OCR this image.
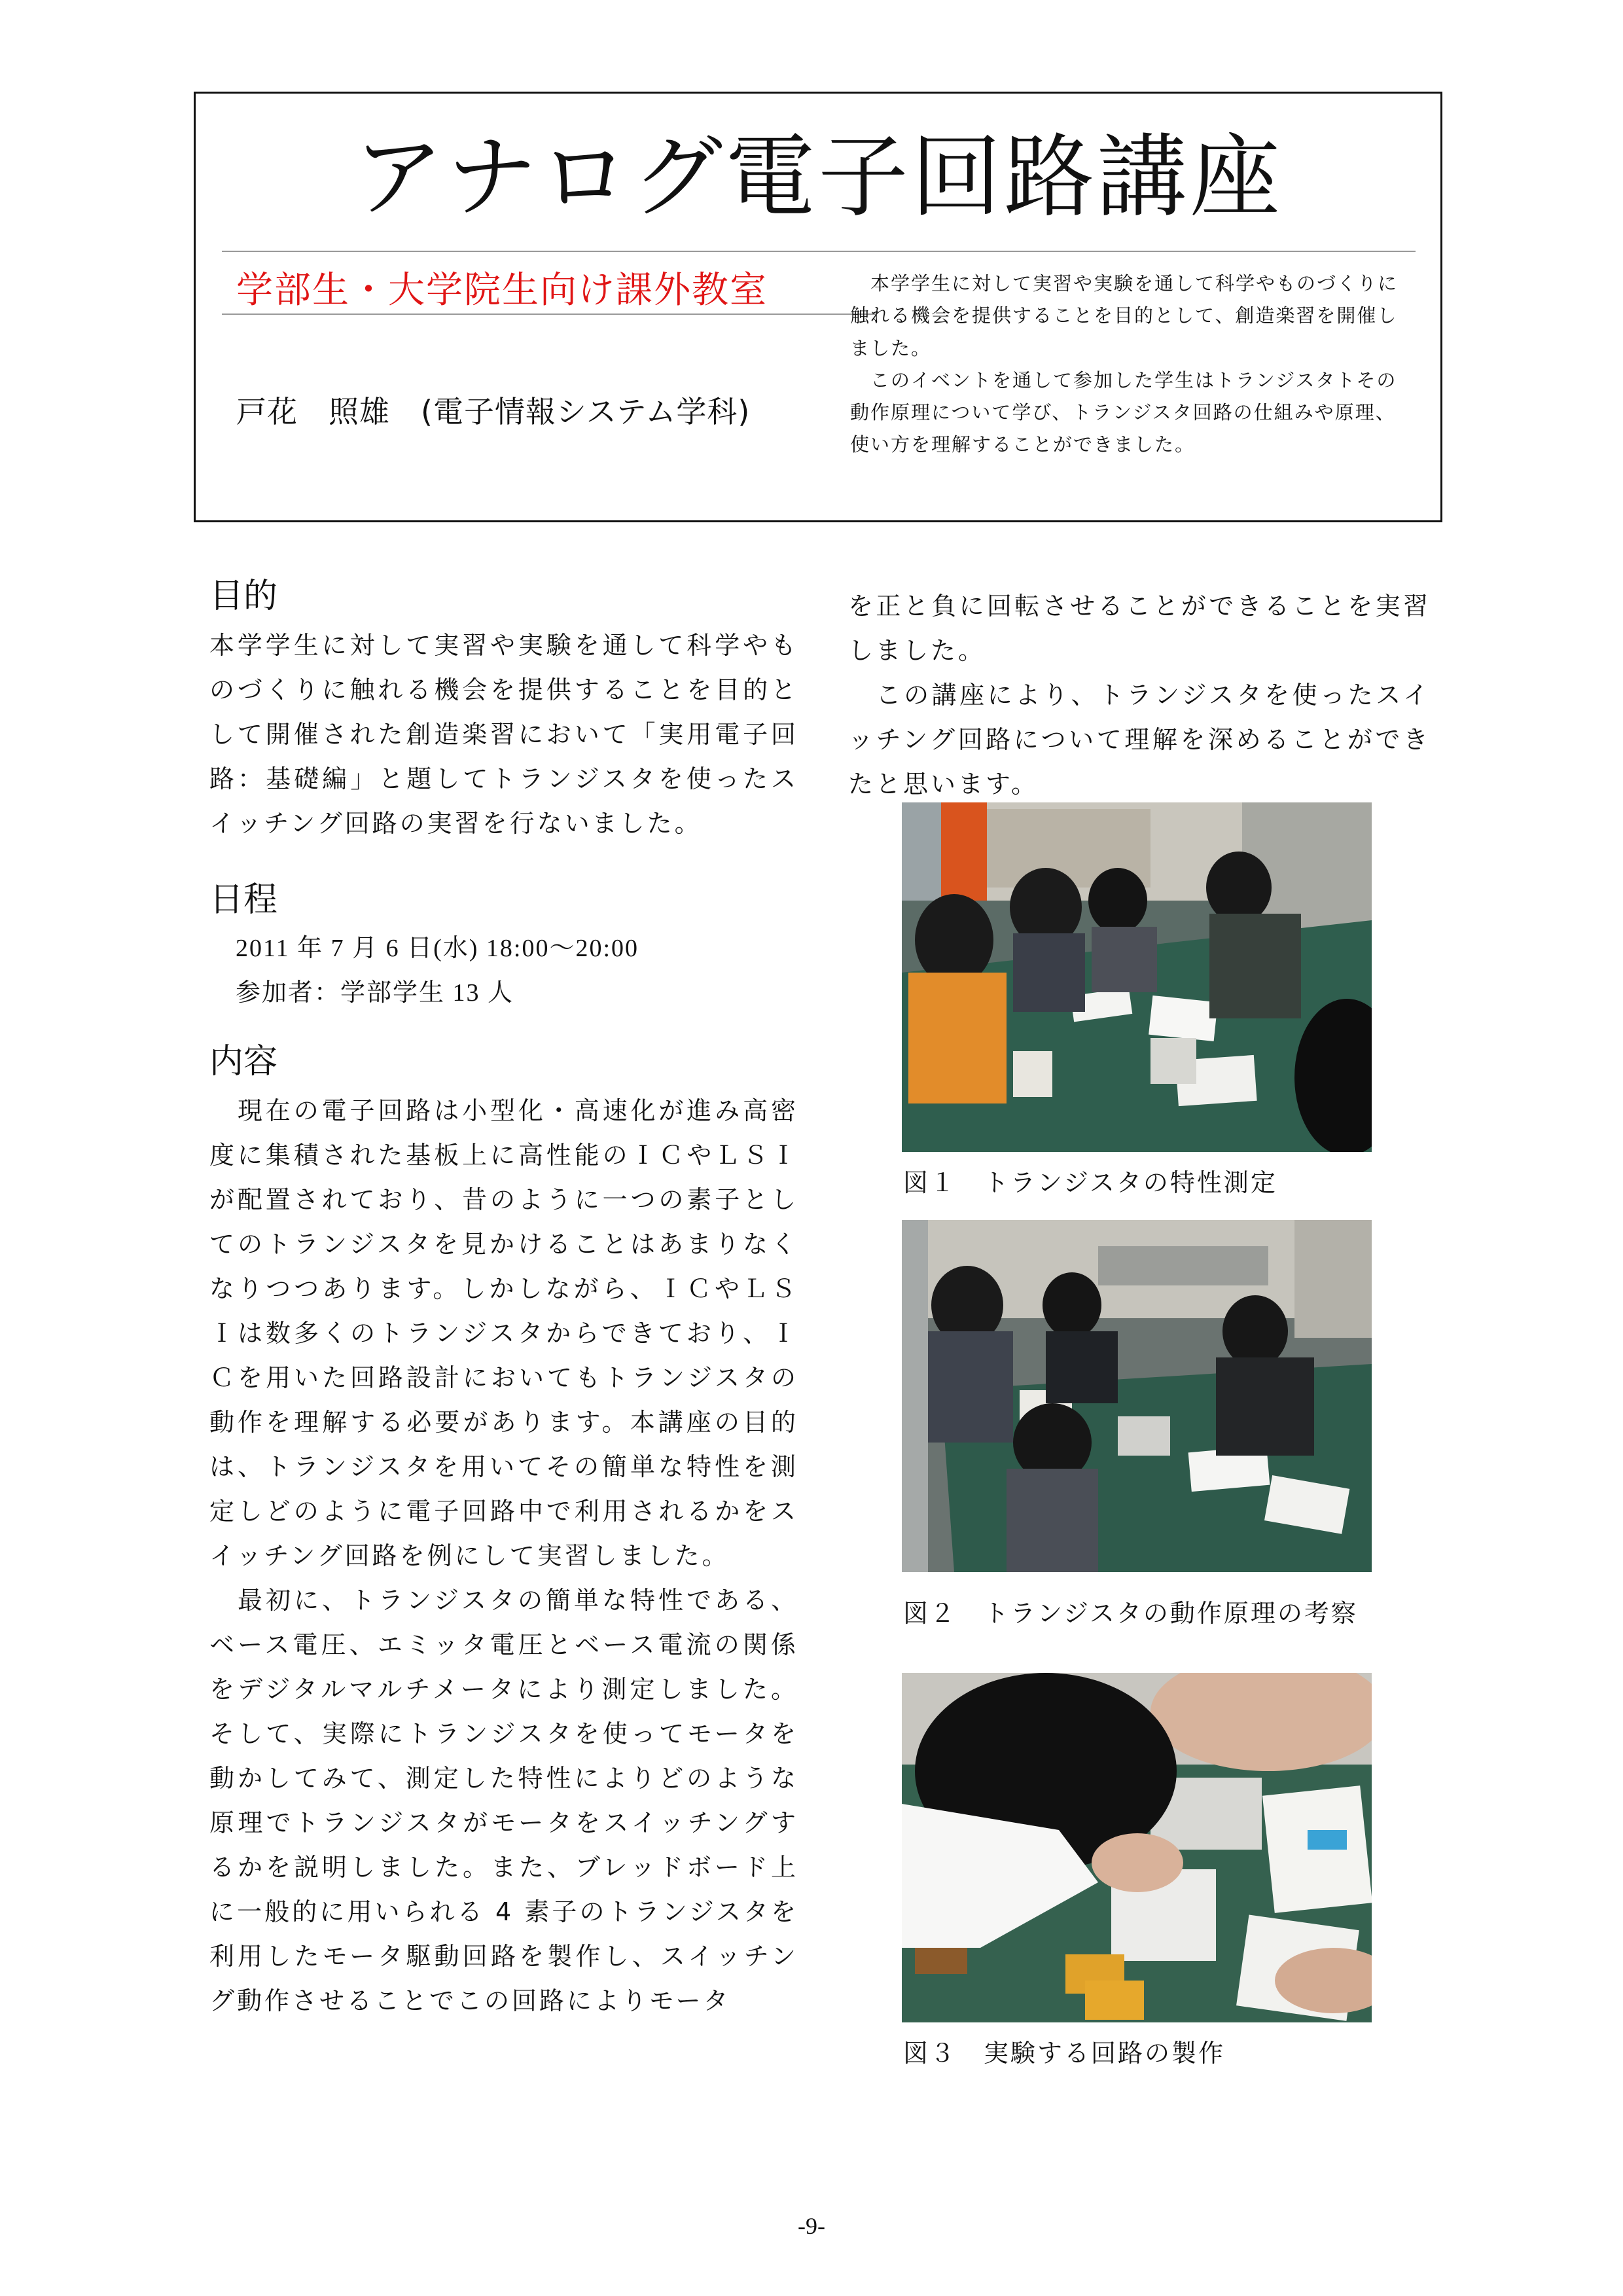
アナログ電子回路講座
学部生・大学院生向け課外教室
戸花　照雄　(電子情報システム学科)
　本学学生に対して実習や実験を通して科学やものづくりに触れる機会を提供することを目的として、創造楽習を開催しました。
　このイベントを通して参加した学生はトランジスタトその動作原理について学び、トランジスタ回路の仕組みや原理、使い方を理解することができました。
目的

本学学生に対して実習や実験を通して科学やものづくりに触れる機会を提供することを目的として開催された創造楽習において「実用電子回路：基礎編」と題してトランジスタを使ったスイッチング回路の実習を行ないました。

日程

2011 年 7 月 6 日(水) 18:00～20:00

参加者：学部学生 13 人

内容

　現在の電子回路は小型化・高速化が進み高密度に集積された基板上に高性能のＩＣやＬＳＩが配置されており、昔のように一つの素子としてのトランジスタを見かけることはあまりなくなりつつあります。しかしながら、ＩＣやＬＳＩは数多くのトランジスタからできており、ＩＣを用いた回路設計においてもトランジスタの動作を理解する必要があります。本講座の目的は、トランジスタを用いてその簡単な特性を測定しどのように電子回路中で利用されるかをスイッチング回路を例にして実習しました。

　最初に、トランジスタの簡単な特性である、ベース電圧、エミッタ電圧とベース電流の関係をデジタルマルチメータにより測定しました。そして、実際にトランジスタを使ってモータを動かしてみて、測定した特性によりどのような原理でトランジスタがモータをスイッチングするかを説明しました。また、ブレッドボード上に一般的に用いられる 4 素子のトランジスタを利用したモータ駆動回路を製作し、スイッチング動作させることでこの回路によりモータ

を正と負に回転させることができることを実習しました。

　この講座により、トランジスタを使ったスイッチング回路について理解を深めることができたと思います。

図１　トランジスタの特性測定
図２　トランジスタの動作原理の考察
図３　実験する回路の製作
-9-
